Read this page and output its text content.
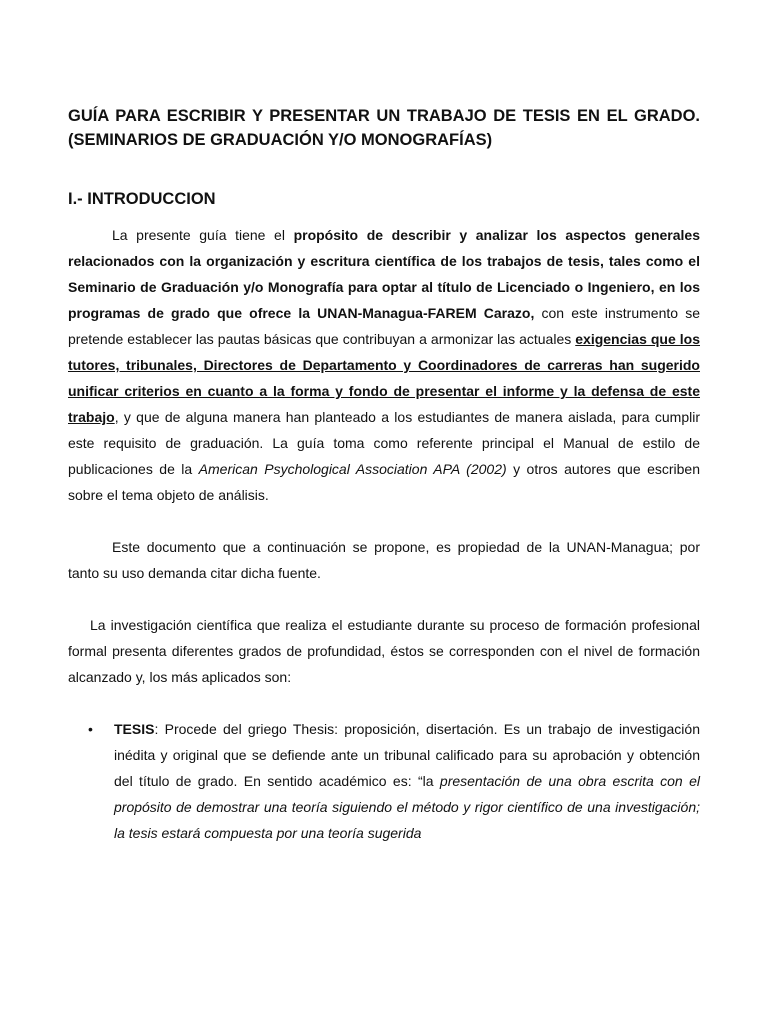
GUÍA PARA ESCRIBIR Y PRESENTAR UN TRABAJO DE TESIS EN EL GRADO. (SEMINARIOS DE GRADUACIÓN Y/O MONOGRAFÍAS)
I.- INTRODUCCION

La presente guía tiene el propósito de describir y analizar los aspectos generales relacionados con la organización y escritura científica de los trabajos de tesis, tales como el Seminario de Graduación y/o Monografía para optar al título de Licenciado o Ingeniero, en los programas de grado que ofrece la UNAN-Managua-FAREM Carazo, con este instrumento se pretende establecer las pautas básicas que contribuyan a armonizar las actuales exigencias que los tutores, tribunales, Directores de Departamento y Coordinadores de carreras han sugerido unificar criterios en cuanto a la forma y fondo de presentar el informe y la defensa de este trabajo, y que de alguna manera han planteado a los estudiantes de manera aislada, para cumplir este requisito de graduación. La guía toma como referente principal el Manual de estilo de publicaciones de la American Psychological Association APA (2002) y otros autores que escriben sobre el tema objeto de análisis.

Este documento que a continuación se propone, es propiedad de la UNAN-Managua; por tanto su uso demanda citar dicha fuente.

La investigación científica que realiza el estudiante durante su proceso de formación profesional formal presenta diferentes grados de profundidad, éstos se corresponden con el nivel de formación alcanzado y, los más aplicados son:

• TESIS: Procede del griego Thesis: proposición, disertación. Es un trabajo de investigación inédita y original que se defiende ante un tribunal calificado para su aprobación y obtención del título de grado. En sentido académico es: “la presentación de una obra escrita con el propósito de demostrar una teoría siguiendo el método y rigor científico de una investigación; la tesis estará compuesta por una teoría sugerida
